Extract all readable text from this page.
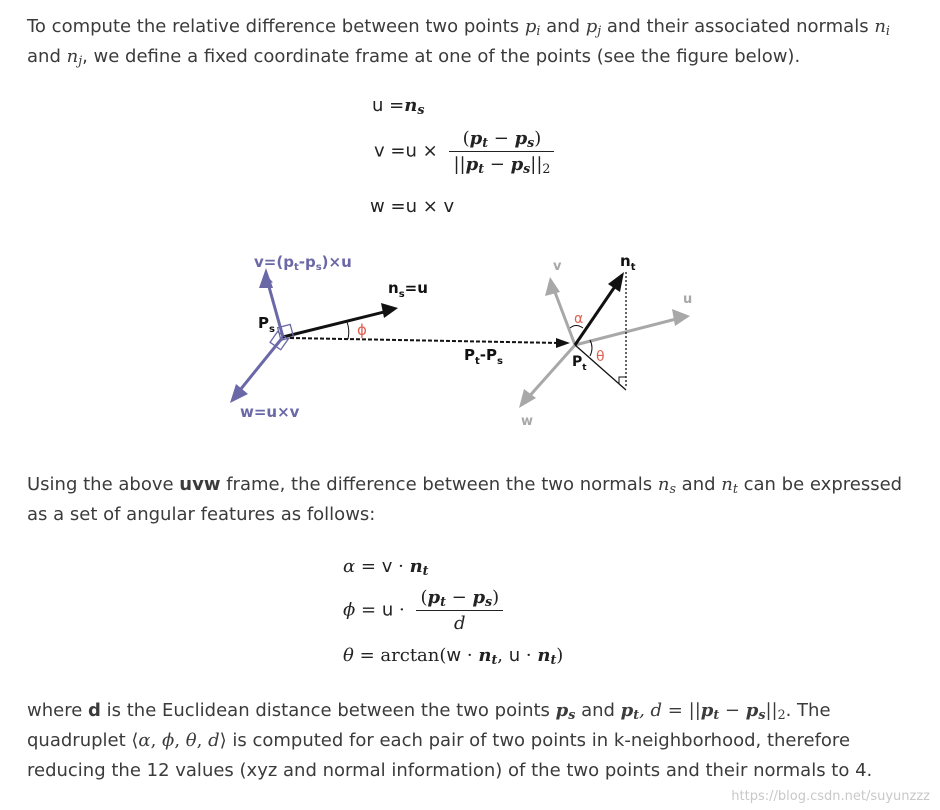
To compute the relative difference between two points $p_i$ and $p_j$ and their associated normals $n_i$
and $n_j$, we define a fixed coordinate frame at one of the points (see the figure below).
$u =n_s$
$v =u \times \frac{(p_t - p_s)}{||p_t - p_s||_2}$
w =u × v
$v=(p_t-p_s)\times u$
$n_s=u$
$P_s$	ϕ
$P_t-P_s$
w=u×v
v	$n_t$
u
α
θ
$P_t$
w
Using the above uvw frame, the difference between the two normals $n_s$ and $n_t$ can be expressed as a set of angular features as follows:
$\alpha = v \cdot n_t$
$\phi = u \cdot \frac{(p_t - p_s)}{d}$
$\theta = \arctan(w \cdot n_t$, $u \cdot n_t$)
where d is the Euclidean distance between the two points $p_s$ and $p_t$, $d = ||p_t - p_s||_2$. The quadruplet ⟨α, ϕ, θ, d⟩ is computed for each pair of two points in k-neighborhood, therefore reducing the 12 values (xyz and normal information) of the two points and their normals to 4.
https://blog.csdn.net/suyunzzz
